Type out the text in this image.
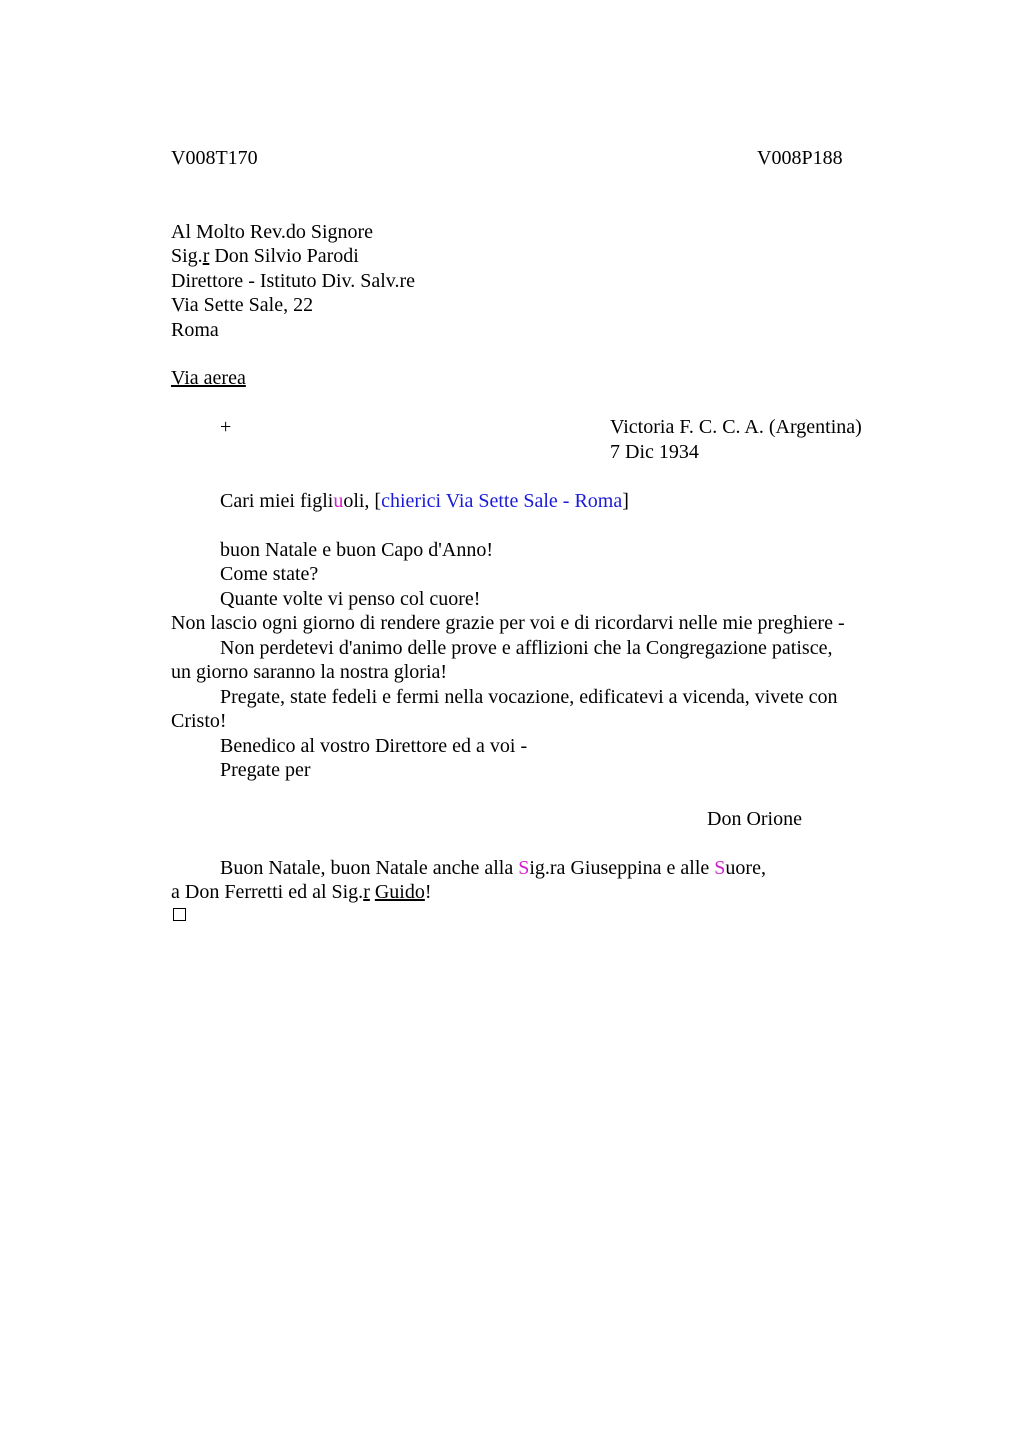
V008T170	V008P188
Al Molto Rev.do Signore
Sig.r Don Silvio Parodi
Direttore - Istituto Div. Salv.re
Via Sette Sale, 22
Roma
Via aerea
+	Victoria F. C. C. A. (Argentina)
7 Dic 1934
Cari miei figliuoli, [chierici Via Sette Sale - Roma]
buon Natale e buon Capo d'Anno!
Come state?
Quante volte vi penso col cuore!
Non lascio ogni giorno di rendere grazie per voi e di ricordarvi nelle mie preghiere -
Non perdetevi d'animo delle prove e afflizioni che la Congregazione patisce,
un giorno saranno la nostra gloria!
Pregate, state fedeli e fermi nella vocazione, edificatevi a vicenda, vivete con
Cristo!
Benedico al vostro Direttore ed a voi -
Pregate per
Don Orione
Buon Natale, buon Natale anche alla Sig.ra Giuseppina e alle Suore,
a Don Ferretti ed al Sig.r Guido!
